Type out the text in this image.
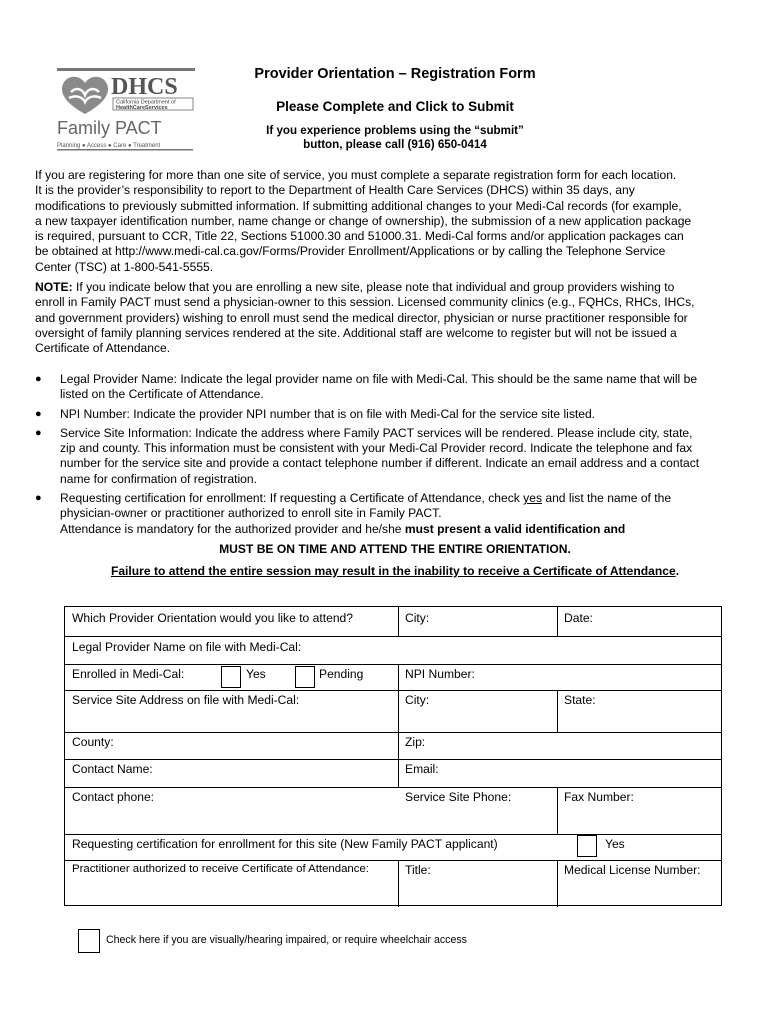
DHCS
California Department of
HealthCareServices
Family PACT
Planning ● Access ● Care ● Treatment
Provider Orientation – Registration Form
Please Complete and Click to Submit
If you experience problems using the “submit”
button, please call (916) 650-0414
If you are registering for more than one site of service, you must complete a separate registration form for each location.
It is the provider’s responsibility to report to the Department of Health Care Services (DHCS) within 35 days, any
modifications to previously submitted information. If submitting additional changes to your Medi-Cal records (for example,
a new taxpayer identification number, name change or change of ownership), the submission of a new application package
is required, pursuant to CCR, Title 22, Sections 51000.30 and 51000.31. Medi-Cal forms and/or application packages can
be obtained at http://www.medi-cal.ca.gov/Forms/Provider Enrollment/Applications or by calling the Telephone Service
Center (TSC) at 1-800-541-5555.
NOTE: If you indicate below that you are enrolling a new site, please note that individual and group providers wishing to
enroll in Family PACT must send a physician-owner to this session. Licensed community clinics (e.g., FQHCs, RHCs, IHCs,
and government providers) wishing to enroll must send the medical director, physician or nurse practitioner responsible for
oversight of family planning services rendered at the site. Additional staff are welcome to register but will not be issued a
Certificate of Attendance.
● Legal Provider Name: Indicate the legal provider name on file with Medi-Cal. This should be the same name that will be
listed on the Certificate of Attendance.
● NPI Number: Indicate the provider NPI number that is on file with Medi-Cal for the service site listed.
● Service Site Information: Indicate the address where Family PACT services will be rendered. Please include city, state,
zip and county. This information must be consistent with your Medi-Cal Provider record. Indicate the telephone and fax
number for the service site and provide a contact telephone number if different. Indicate an email address and a contact
name for confirmation of registration.
● Requesting certification for enrollment: If requesting a Certificate of Attendance, check yes and list the name of the
physician-owner or practitioner authorized to enroll site in Family PACT.
Attendance is mandatory for the authorized provider and he/she must present a valid identification and
MUST BE ON TIME AND ATTEND THE ENTIRE ORIENTATION.
Failure to attend the entire session may result in the inability to receive a Certificate of Attendance.
Which Provider Orientation would you like to attend?	City:	Date:
Legal Provider Name on file with Medi-Cal:
Enrolled in Medi-Cal:	Yes	Pending	NPI Number:
Service Site Address on file with Medi-Cal:	City:	State:
County:	Zip:
Contact Name:	Email:
Contact phone:	Service Site Phone:	Fax Number:
Requesting certification for enrollment for this site (New Family PACT applicant)	Yes
Practitioner authorized to receive Certificate of Attendance:	Title:	Medical License Number:
Check here if you are visually/hearing impaired, or require wheelchair access
